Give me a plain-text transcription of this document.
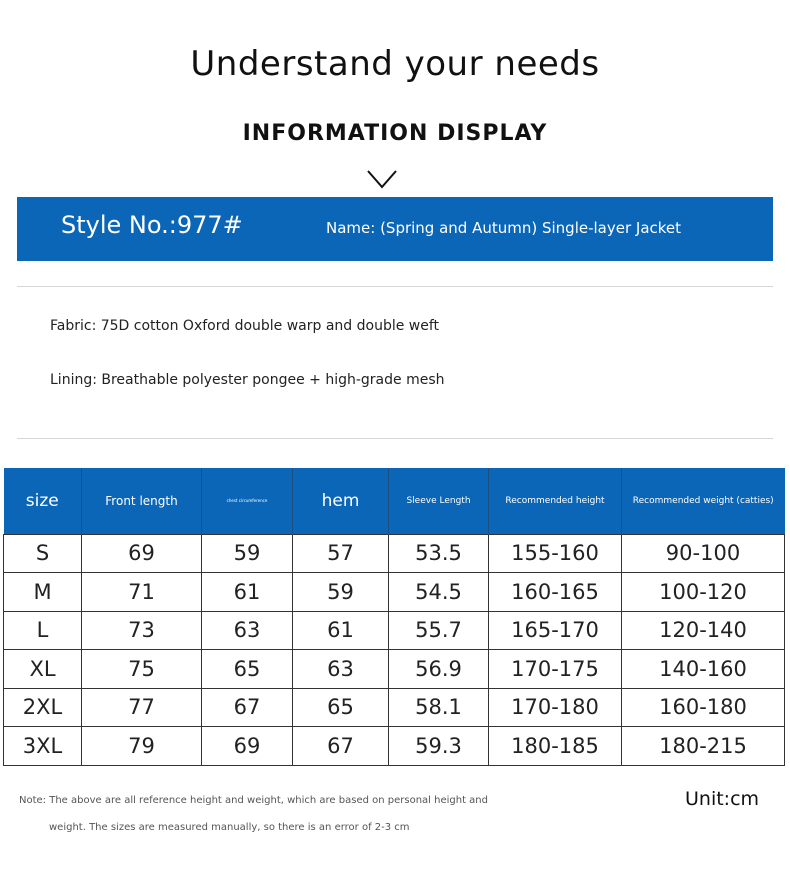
Understand your needs
INFORMATION DISPLAY
Style No.:977#	Name: (Spring and Autumn) Single-layer Jacket
Fabric: 75D cotton Oxford double warp and double weft
Lining: Breathable polyester pongee + high-grade mesh
size	Front length	chest circumference	hem	Sleeve Length	Recommended height	Recommended weight (catties)
S	69	59	57	53.5	155-160	90-100
M	71	61	59	54.5	160-165	100-120
L	73	63	61	55.7	165-170	120-140
XL	75	65	63	56.9	170-175	140-160
2XL	77	67	65	58.1	170-180	160-180
3XL	79	69	67	59.3	180-185	180-215
Note: The above are all reference height and weight, which are based on personal height and
weight. The sizes are measured manually, so there is an error of 2-3 cm
Unit:cm
